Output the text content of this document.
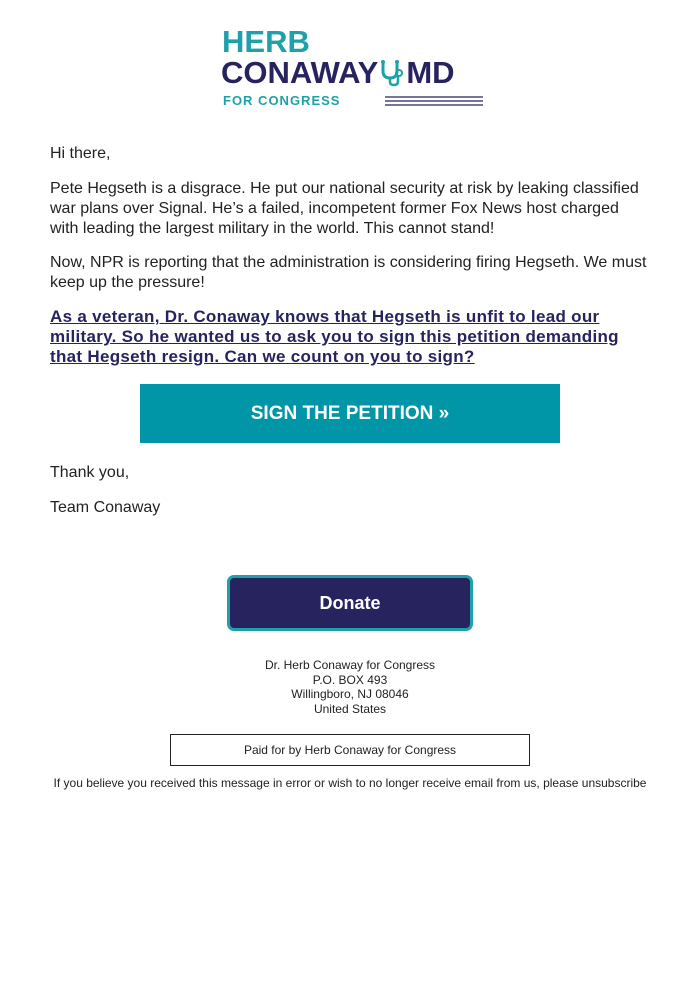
HERB
CONAWAY MD
FOR CONGRESS

Hi there,

Pete Hegseth is a disgrace. He put our national security at risk by leaking classified war plans over Signal. He’s a failed, incompetent former Fox News host charged with leading the largest military in the world. This cannot stand!

Now, NPR is reporting that the administration is considering firing Hegseth. We must keep up the pressure!

As a veteran, Dr. Conaway knows that Hegseth is unfit to lead our military. So he wanted us to ask you to sign this petition demanding that Hegseth resign. Can we count on you to sign?
SIGN THE PETITION »
Thank you,
Team Conaway
Donate
Dr. Herb Conaway for Congress
P.O. BOX 493
Willingboro, NJ 08046
United States
Paid for by Herb Conaway for Congress
If you believe you received this message in error or wish to no longer receive email from us, please unsubscribe
